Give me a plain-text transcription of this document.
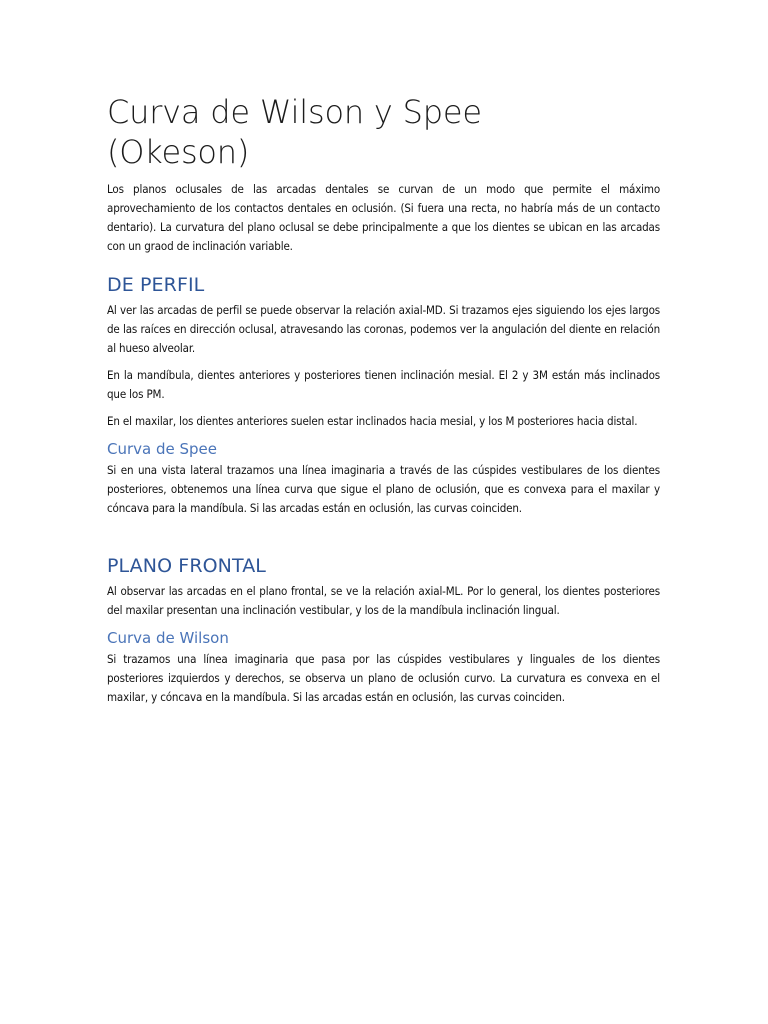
Curva de Wilson y Spee
(Okeson)

Los planos oclusales de las arcadas dentales se curvan de un modo que permite el máximo aprovechamiento de los contactos dentales en oclusión. (Si fuera una recta, no habría más de un contacto dentario). La curvatura del plano oclusal se debe principalmente a que los dientes se ubican en las arcadas con un graod de inclinación variable.

DE PERFIL

Al ver las arcadas de perfil se puede observar la relación axial-MD. Si trazamos ejes siguiendo los ejes largos de las raíces en dirección oclusal, atravesando las coronas, podemos ver la angulación del diente en relación al hueso alveolar.

En la mandíbula, dientes anteriores y posteriores tienen inclinación mesial. El 2 y 3M están más inclinados que los PM.

En el maxilar, los dientes anteriores suelen estar inclinados hacia mesial, y los M posteriores hacia distal.

Curva de Spee

Si en una vista lateral trazamos una línea imaginaria a través de las cúspides vestibulares de los dientes posteriores, obtenemos una línea curva que sigue el plano de oclusión, que es convexa para el maxilar y cóncava para la mandíbula. Si las arcadas están en oclusión, las curvas coinciden.

PLANO FRONTAL

Al observar las arcadas en el plano frontal, se ve la relación axial-ML. Por lo general, los dientes posteriores del maxilar presentan una inclinación vestibular, y los de la mandíbula inclinación lingual.

Curva de Wilson

Si trazamos una línea imaginaria que pasa por las cúspides vestibulares y linguales de los dientes posteriores izquierdos y derechos, se observa un plano de oclusión curvo. La curvatura es convexa en el maxilar, y cóncava en la mandíbula. Si las arcadas están en oclusión, las curvas coinciden.
